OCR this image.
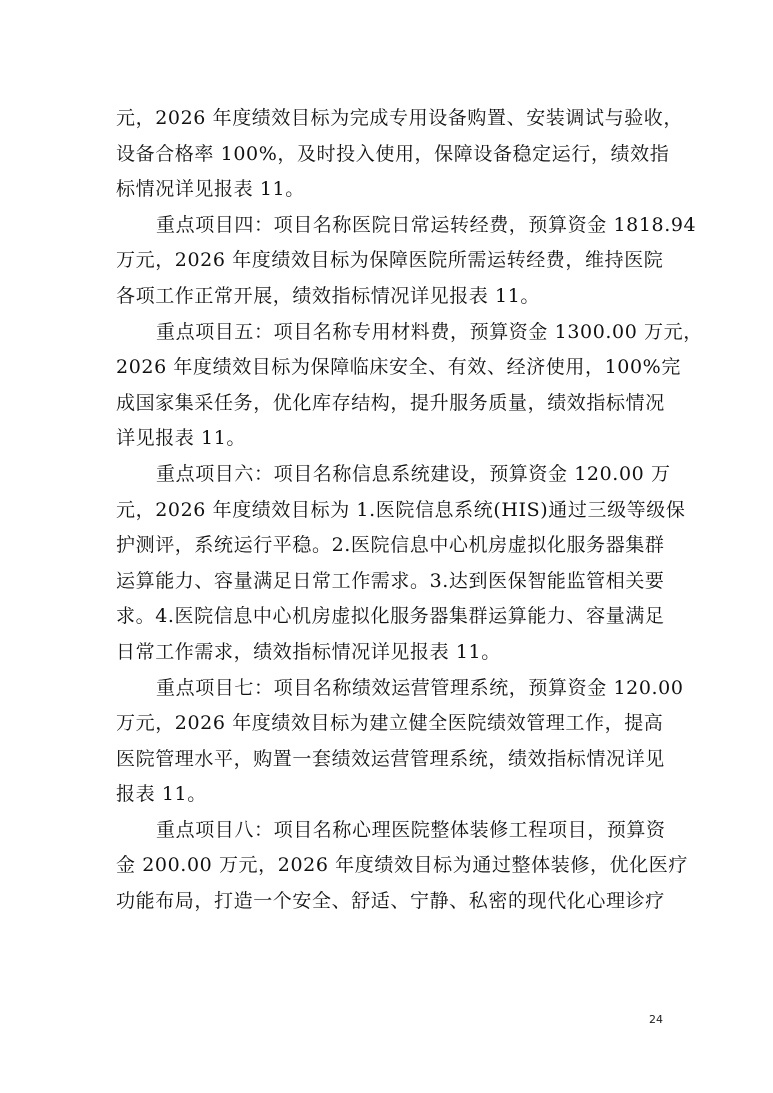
元，2026 年度绩效目标为完成专用设备购置、安装调试与验收，
设备合格率 100%，及时投入使用，保障设备稳定运行，绩效指
标情况详见报表 11。
重点项目四：项目名称医院日常运转经费，预算资金 1818.94
万元，2026 年度绩效目标为保障医院所需运转经费，维持医院
各项工作正常开展，绩效指标情况详见报表 11。
重点项目五：项目名称专用材料费，预算资金 1300.00 万元，
2026 年度绩效目标为保障临床安全、有效、经济使用，100%完
成国家集采任务，优化库存结构，提升服务质量，绩效指标情况
详见报表 11。
重点项目六：项目名称信息系统建设，预算资金 120.00 万
元，2026 年度绩效目标为 1.医院信息系统(HIS)通过三级等级保
护测评，系统运行平稳。2.医院信息中心机房虚拟化服务器集群
运算能力、容量满足日常工作需求。3.达到医保智能监管相关要
求。4.医院信息中心机房虚拟化服务器集群运算能力、容量满足
日常工作需求，绩效指标情况详见报表 11。
重点项目七：项目名称绩效运营管理系统，预算资金 120.00
万元，2026 年度绩效目标为建立健全医院绩效管理工作，提高
医院管理水平，购置一套绩效运营管理系统，绩效指标情况详见
报表 11。
重点项目八：项目名称心理医院整体装修工程项目，预算资
金 200.00 万元，2026 年度绩效目标为通过整体装修，优化医疗
功能布局，打造一个安全、舒适、宁静、私密的现代化心理诊疗
24
